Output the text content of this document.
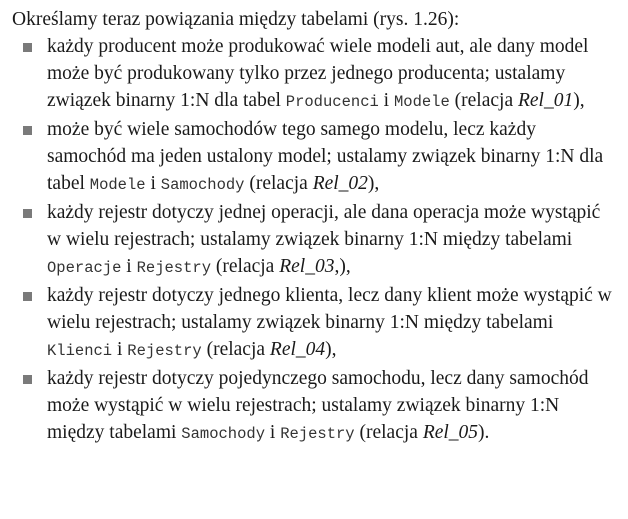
Określamy teraz powiązania między tabelami (rys. 1.26):

każdy producent może produkować wiele modeli aut, ale dany model może być produkowany tylko przez jednego producenta; ustalamy związek binarny 1:N dla tabel Producenci i Modele (relacja Rel_01),
może być wiele samochodów tego samego modelu, lecz każdy samochód ma jeden ustalony model; ustalamy związek binarny 1:N dla tabel Modele i Samochody (relacja Rel_02),
każdy rejestr dotyczy jednej operacji, ale dana operacja może wystąpić w wielu rejestrach; ustalamy związek binarny 1:N między tabelami Operacje i Rejestry (relacja Rel_03,),
każdy rejestr dotyczy jednego klienta, lecz dany klient może wystąpić w wielu rejestrach; ustalamy związek binarny 1:N między tabelami Klienci i Rejestry (relacja Rel_04),
każdy rejestr dotyczy pojedynczego samochodu, lecz dany samochód może wystąpić w wielu rejestrach; ustalamy związek binarny 1:N między tabelami Samochody i Rejestry (relacja Rel_05).
